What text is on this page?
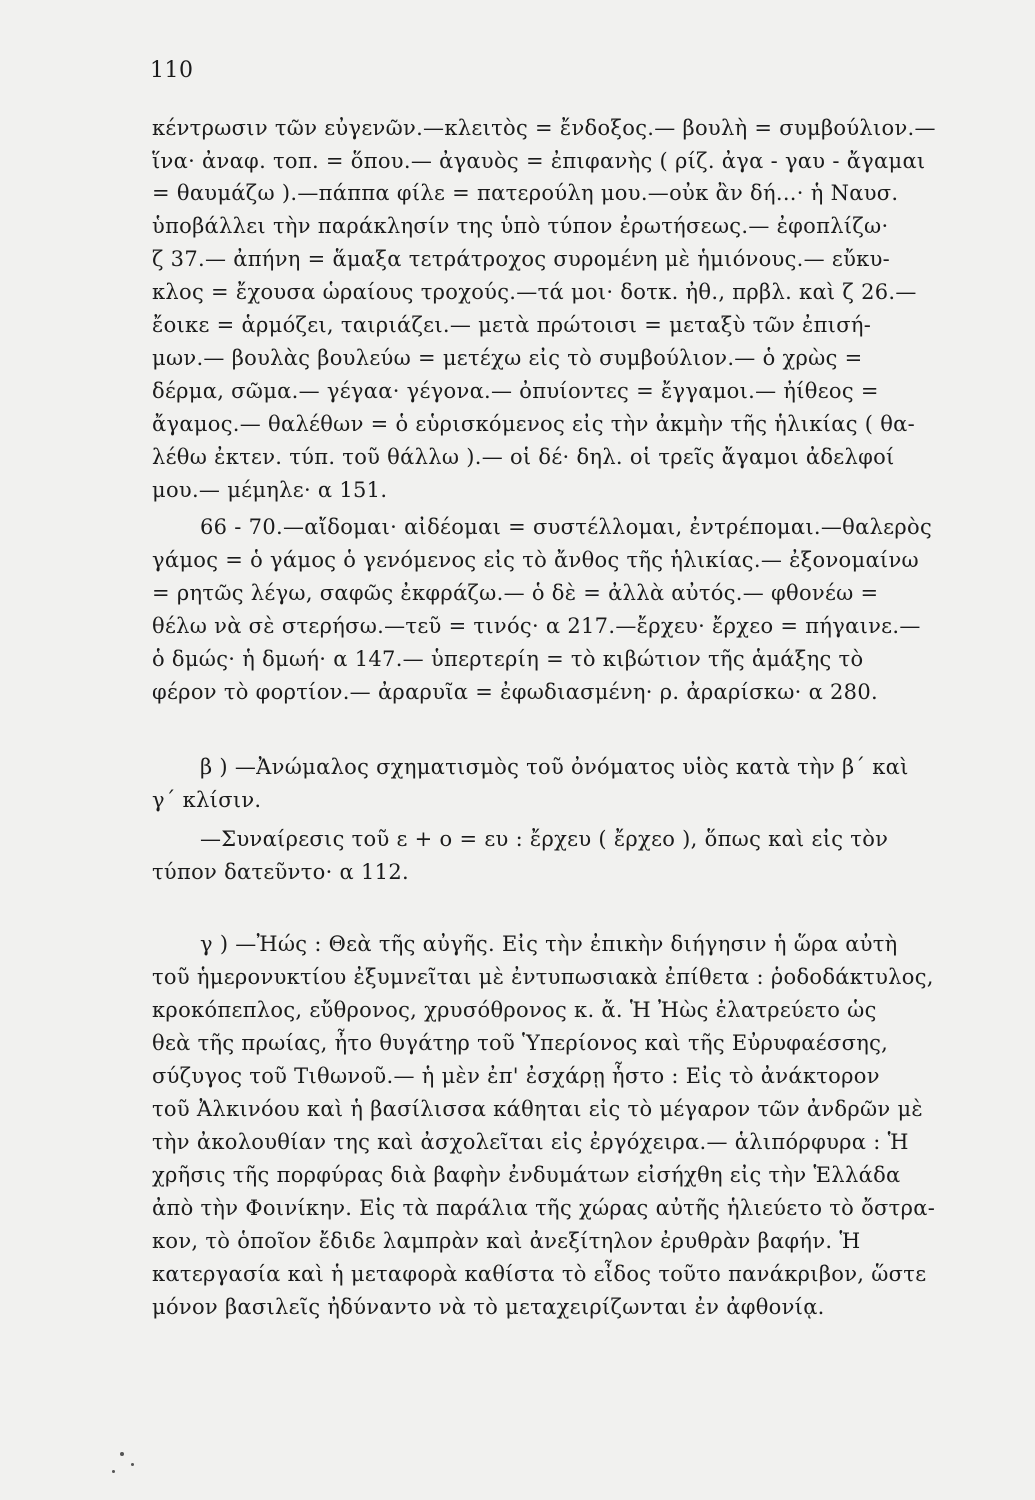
110
κέντρωσιν τῶν εὐγενῶν.—κλειτὸς = ἔνδοξος.— βουλὴ = συμβούλιον.—
ἵνα· ἀναφ. τοπ. = ὅπου.— ἀγαυὸς = ἐπιφανὴς ( ρίζ. ἀγα - γαυ - ἄγαμαι
= θαυμάζω ).—πάππα φίλε = πατερούλη μου.—οὐκ ἂν δή...· ἡ Ναυσ.
ὑποβάλλει τὴν παράκλησίν της ὑπὸ τύπον ἐρωτήσεως.— ἐφοπλίζω·
ζ 37.— ἀπήνη = ἅμαξα τετράτροχος συρομένη μὲ ἡμιόνους.— εὔκυ-
κλος = ἔχουσα ὡραίους τροχούς.—τά μοι· δοτκ. ἠθ., πρβλ. καὶ ζ 26.—
ἔοικε = ἁρμόζει, ταιριάζει.— μετὰ πρώτοισι = μεταξὺ τῶν ἐπισή-
μων.— βουλὰς βουλεύω = μετέχω εἰς τὸ συμβούλιον.— ὁ χρὼς =
δέρμα, σῶμα.— γέγαα· γέγονα.— ὀπυίοντες = ἔγγαμοι.— ἠίθεος =
ἄγαμος.— θαλέθων = ὁ εὑρισκόμενος εἰς τὴν ἀκμὴν τῆς ἡλικίας ( θα-
λέθω ἐκτεν. τύπ. τοῦ θάλλω ).— οἱ δέ· δηλ. οἱ τρεῖς ἄγαμοι ἀδελφοί
μου.— μέμηλε· α 151.
66 - 70.—αἴδομαι· αἰδέομαι = συστέλλομαι, ἐντρέπομαι.—θαλερὸς
γάμος = ὁ γάμος ὁ γενόμενος εἰς τὸ ἄνθος τῆς ἡλικίας.— ἐξονομαίνω
= ρητῶς λέγω, σαφῶς ἐκφράζω.— ὁ δὲ = ἀλλὰ αὐτός.— φθονέω =
θέλω νὰ σὲ στερήσω.—τεῦ = τινός· α 217.—ἔρχευ· ἔρχεο = πήγαινε.—
ὁ δμώς· ἡ δμωή· α 147.— ὑπερτερίη = τὸ κιβώτιον τῆς ἁμάξης τὸ
φέρον τὸ φορτίον.— ἀραρυῖα = ἐφωδιασμένη· ρ. ἀραρίσκω· α 280.
β ) —Ἀνώμαλος σχηματισμὸς τοῦ ὀνόματος υἱὸς κατὰ τὴν β΄ καὶ
γ΄ κλίσιν.
—Συναίρεσις τοῦ ε + ο = ευ : ἔρχευ ( ἔρχεο ), ὅπως καὶ εἰς τὸν
τύπον δατεῦντο· α 112.
γ ) —Ἠώς : Θεὰ τῆς αὐγῆς. Εἰς τὴν ἐπικὴν διήγησιν ἡ ὥρα αὐτὴ
τοῦ ἡμερονυκτίου ἐξυμνεῖται μὲ ἐντυπωσιακὰ ἐπίθετα : ῥοδοδάκτυλος,
κροκόπεπλος, εὔθρονος, χρυσόθρονος κ. ἄ. Ἡ Ἠὼς ἐλατρεύετο ὡς
θεὰ τῆς πρωίας, ἦτο θυγάτηρ τοῦ Ὑπερίονος καὶ τῆς Εὐρυφαέσσης,
σύζυγος τοῦ Τιθωνοῦ.— ἡ μὲν ἐπ' ἐσχάρῃ ἧστο : Εἰς τὸ ἀνάκτορον
τοῦ Ἀλκινόου καὶ ἡ βασίλισσα κάθηται εἰς τὸ μέγαρον τῶν ἀνδρῶν μὲ
τὴν ἀκολουθίαν της καὶ ἀσχολεῖται εἰς ἐργόχειρα.— ἁλιπόρφυρα : Ἡ
χρῆσις τῆς πορφύρας διὰ βαφὴν ἐνδυμάτων εἰσήχθη εἰς τὴν Ἑλλάδα
ἀπὸ τὴν Φοινίκην. Εἰς τὰ παράλια τῆς χώρας αὐτῆς ἡλιεύετο τὸ ὄστρα-
κον, τὸ ὁποῖον ἔδιδε λαμπρὰν καὶ ἀνεξίτηλον ἐρυθρὰν βαφήν. Ἡ
κατεργασία καὶ ἡ μεταφορὰ καθίστα τὸ εἶδος τοῦτο πανάκριβον, ὥστε
μόνον βασιλεῖς ἠδύναντο νὰ τὸ μεταχειρίζωνται ἐν ἀφθονίᾳ.
